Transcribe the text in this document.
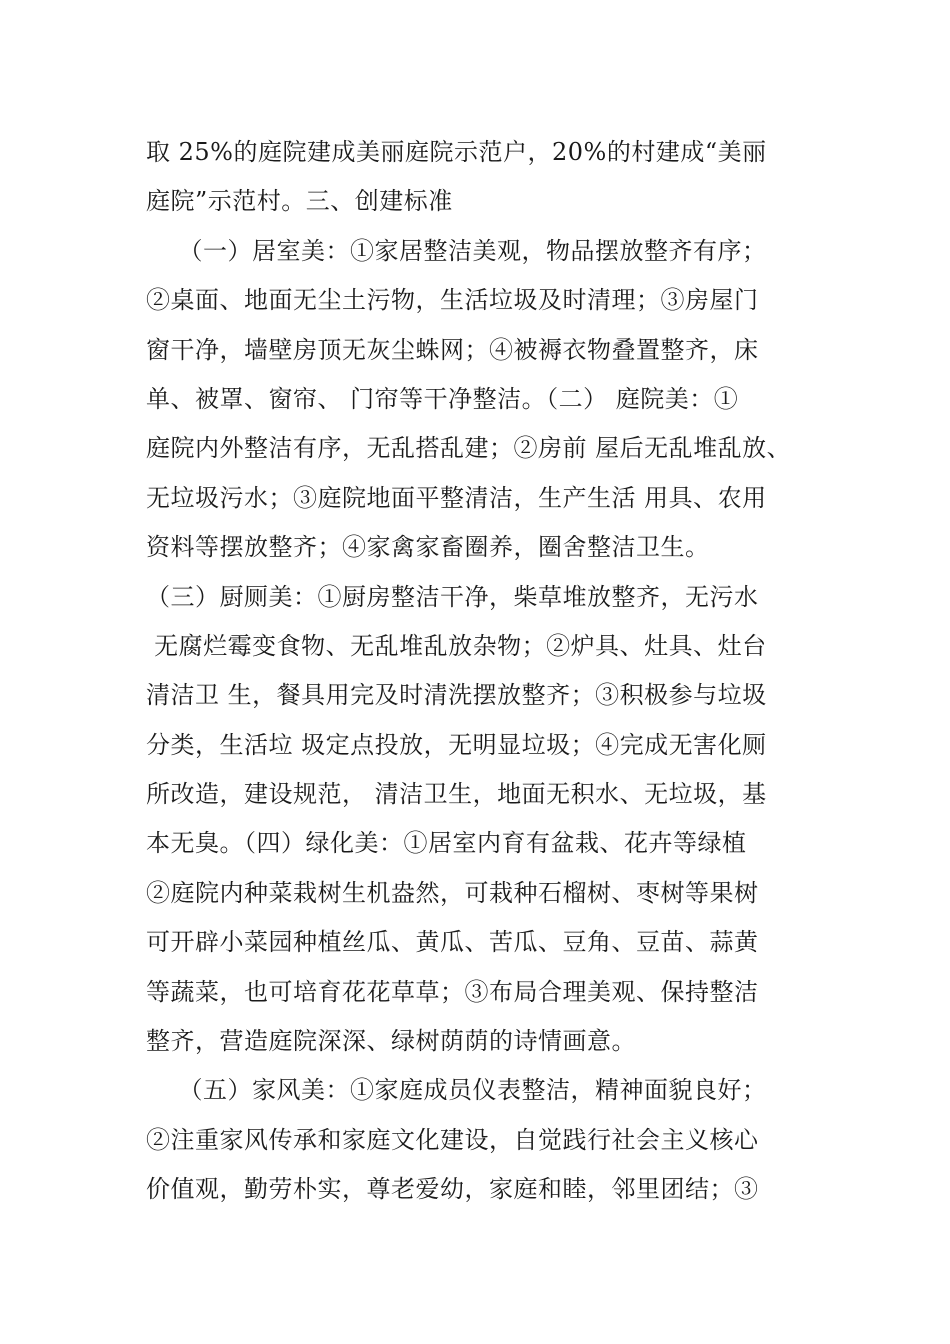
取 25%的庭院建成美丽庭院示范户，20%的村建成“美丽
庭院”示范村。三、创建标准
（一）居室美：①家居整洁美观，物品摆放整齐有序；
②桌面、地面无尘土污物，生活垃圾及时清理；③房屋门
窗干净，墙壁房顶无灰尘蛛网；④被褥衣物叠置整齐，床
单、被罩、窗帘、 门帘等干净整洁。（二） 庭院美：①
庭院内外整洁有序，无乱搭乱建；②房前 屋后无乱堆乱放、
无垃圾污水；③庭院地面平整清洁，生产生活 用具、农用
资料等摆放整齐；④家禽家畜圈养，圈舍整洁卫生。
（三）厨厕美：①厨房整洁干净，柴草堆放整齐，无污水
无腐烂霉变食物、无乱堆乱放杂物；②炉具、灶具、灶台
清洁卫 生，餐具用完及时清洗摆放整齐；③积极参与垃圾
分类，生活垃 圾定点投放，无明显垃圾；④完成无害化厕
所改造，建设规范， 清洁卫生，地面无积水、无垃圾，基
本无臭。（四）绿化美：①居室内育有盆栽、花卉等绿植
②庭院内种菜栽树生机盎然，可栽种石榴树、枣树等果树
可开辟小菜园种植丝瓜、黄瓜、苦瓜、豆角、豆苗、蒜黄
等蔬菜，也可培育花花草草；③布局合理美观、保持整洁
整齐，营造庭院深深、绿树荫荫的诗情画意。
（五）家风美：①家庭成员仪表整洁，精神面貌良好；
②注重家风传承和家庭文化建设，自觉践行社会主义核心
价值观，勤劳朴实，尊老爱幼，家庭和睦，邻里团结；③
